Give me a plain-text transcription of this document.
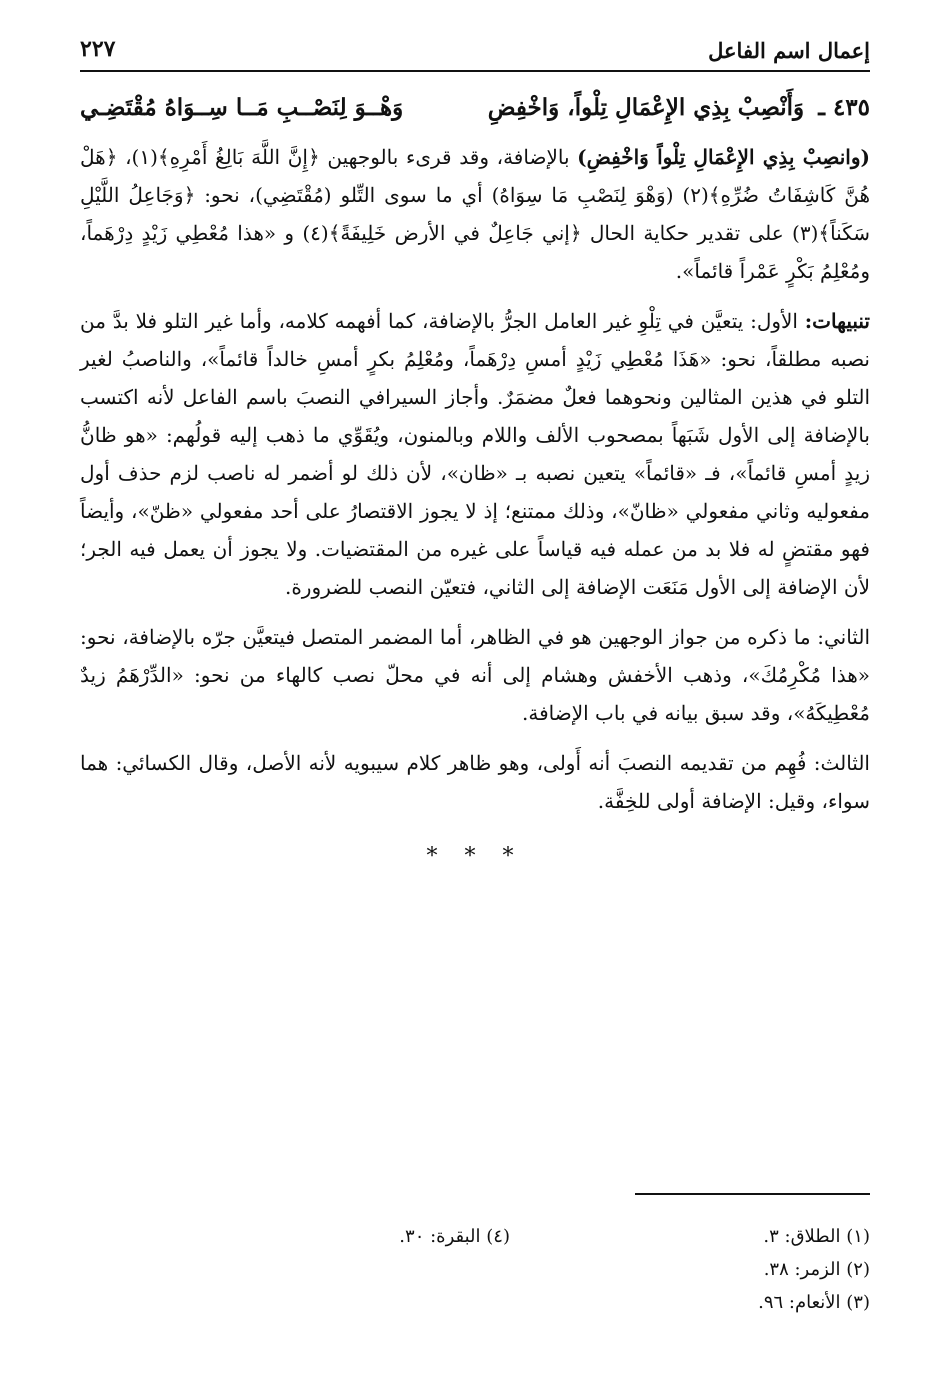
إعمال اسم الفاعل
٢٢٧
٤٣٥ ـ وَأَنْصِبْ بِذِي الإِعْمَالِ تِلْواً، وَاخْفِضِ
وَهْــوَ لِنَصْــبِ مَــا سِــوَاهُ مُقْتَضِـي

(وانصِبْ بِذِي الإِعْمَالِ تِلْواً وَاخْفِضِ) بالإضافة، وقد قرىء بالوجهين ﴿إِنَّ اللَّهَ بَالِغُ أَمْرِهِ﴾(١)، ﴿هَلْ هُنَّ كَاشِفَاتُ ضُرِّهِ﴾(٢) (وَهْوَ لِنَصْبِ مَا سِوَاهُ) أي ما سوى التِّلو (مُقْتَضِي)، نحو: ﴿وَجَاعِلُ اللَّيْلِ سَكَناً﴾(٣) على تقدير حكاية الحال ﴿إني جَاعِلٌ في الأرض خَلِيفَةً﴾(٤) و «هذا مُعْطِي زَيْدٍ دِرْهَماً، ومُعْلِمُ بَكْرٍ عَمْراً قائماً».

تنبيهات: الأول: يتعيَّن في تِلْوِ غير العامل الجرُّ بالإضافة، كما أفهمه كلامه، وأما غير التلو فلا بدَّ من نصبه مطلقاً، نحو: «هَذَا مُعْطِي زَيْدٍ أمسِ دِرْهَماً، ومُعْلِمُ بكرٍ أمسِ خالداً قائماً»، والناصبُ لغير التلو في هذين المثالين ونحوهما فعلٌ مضمَرٌ. وأجاز السيرافي النصبَ باسم الفاعل لأنه اكتسب بالإضافة إلى الأول شَبَهاً بمصحوب الألف واللام وبالمنون، ويُقَوِّي ما ذهب إليه قولُهم: «هو ظانُّ زيدٍ أمسِ قائماً»، فـ «قائماً» يتعين نصبه بـ «ظان»، لأن ذلك لو أضمر له ناصب لزم حذف أول مفعوليه وثاني مفعولي «ظانّ»، وذلك ممتنع؛ إذ لا يجوز الاقتصارُ على أحد مفعولي «ظنّ»، وأيضاً فهو مقتضٍ له فلا بد من عمله فيه قياساً على غيره من المقتضيات. ولا يجوز أن يعمل فيه الجر؛ لأن الإضافة إلى الأول مَنَعَت الإضافة إلى الثاني، فتعيّن النصب للضرورة.

الثاني: ما ذكره من جواز الوجهين هو في الظاهر، أما المضمر المتصل فيتعيَّن جرّه بالإضافة، نحو: «هذا مُكْرِمُكَ»، وذهب الأخفش وهشام إلى أنه في محلّ نصب كالهاء من نحو: «الدِّرْهَمُ زيدٌ مُعْطِيكَهُ»، وقد سبق بيانه في باب الإضافة.

الثالث: فُهِم من تقديمه النصبَ أنه أَولى، وهو ظاهر كلام سيبويه لأنه الأصل، وقال الكسائي: هما سواء، وقيل: الإضافة أولى للخِفَّة.

* * *
(١) الطلاق: ٣.
(٢) الزمر: ٣٨.
(٣) الأنعام: ٩٦.
(٤) البقرة: ٣٠.
